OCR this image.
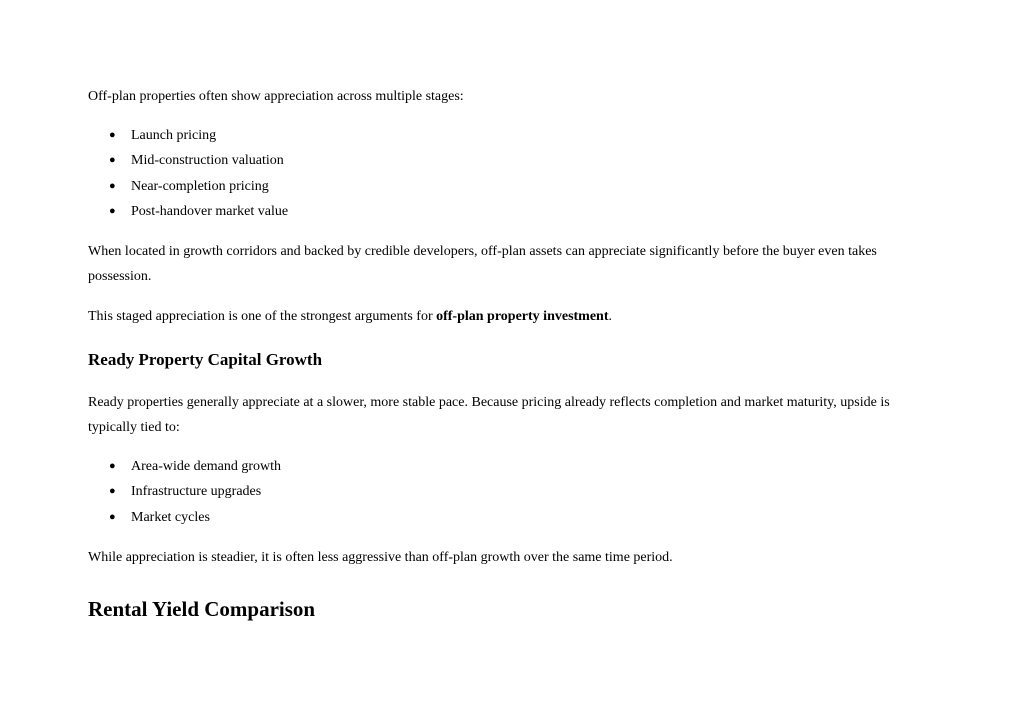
Off-plan properties often show appreciation across multiple stages:

● Launch pricing
● Mid-construction valuation
● Near-completion pricing
● Post-handover market value

When located in growth corridors and backed by credible developers, off-plan assets can appreciate significantly before the buyer even takes possession.

This staged appreciation is one of the strongest arguments for off-plan property investment.

Ready Property Capital Growth

Ready properties generally appreciate at a slower, more stable pace. Because pricing already reflects completion and market maturity, upside is typically tied to:

● Area-wide demand growth
● Infrastructure upgrades
● Market cycles

While appreciation is steadier, it is often less aggressive than off-plan growth over the same time period.

Rental Yield Comparison
